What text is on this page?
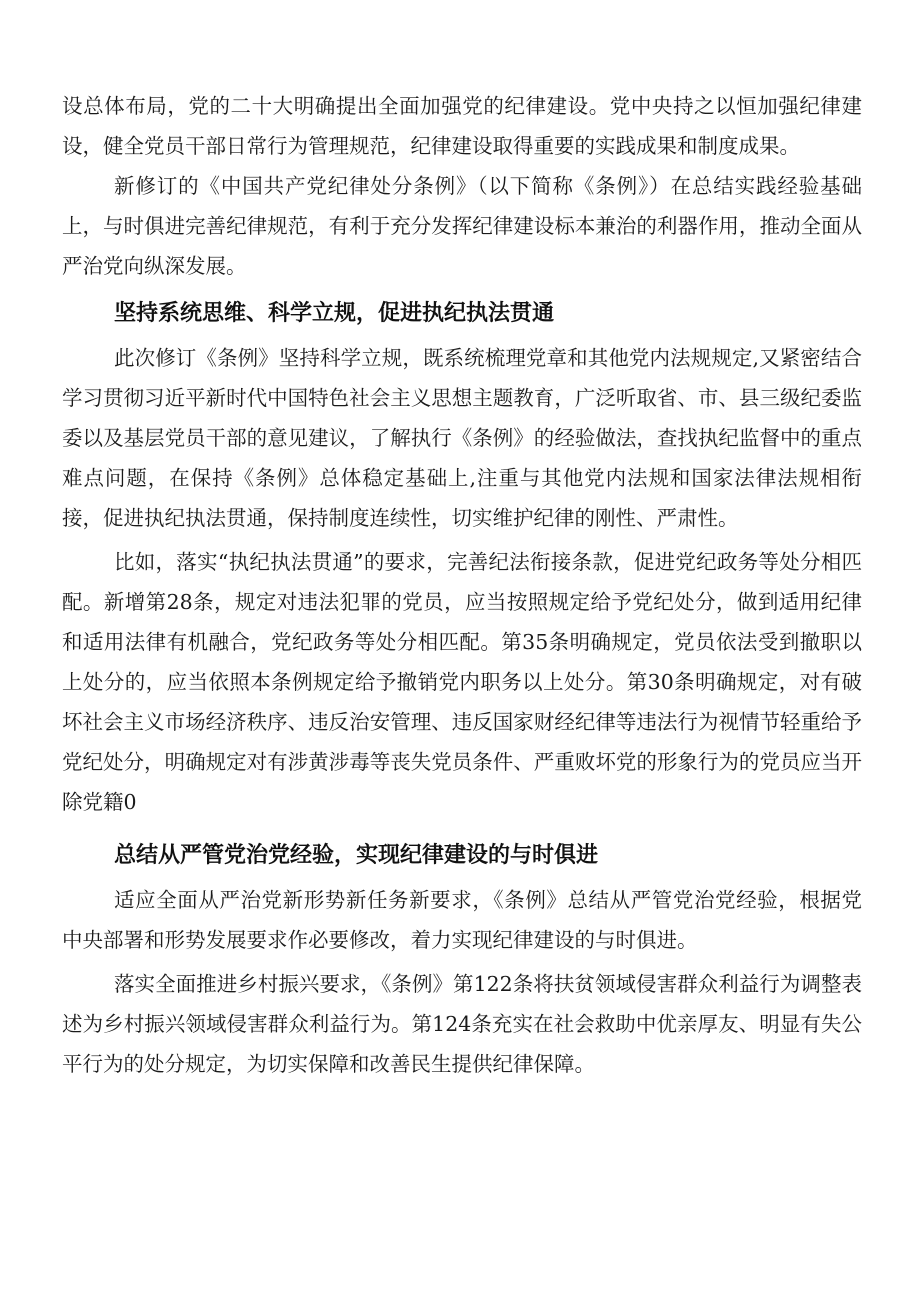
设总体布局，党的二十大明确提出全面加强党的纪律建设。党中央持之以恒加强纪律建设，健全党员干部日常行为管理规范，纪律建设取得重要的实践成果和制度成果。

新修订的《中国共产党纪律处分条例》（以下简称《条例》）在总结实践经验基础上，与时俱进完善纪律规范，有利于充分发挥纪律建设标本兼治的利器作用，推动全面从严治党向纵深发展。

坚持系统思维、科学立规，促进执纪执法贯通

此次修订《条例》坚持科学立规，既系统梳理党章和其他党内法规规定,又紧密结合学习贯彻习近平新时代中国特色社会主义思想主题教育，广泛听取省、市、县三级纪委监委以及基层党员干部的意见建议，了解执行《条例》的经验做法，查找执纪监督中的重点难点问题，在保持《条例》总体稳定基础上,注重与其他党内法规和国家法律法规相衔接，促进执纪执法贯通，保持制度连续性，切实维护纪律的刚性、严肃性。

比如，落实“执纪执法贯通”的要求，完善纪法衔接条款，促进党纪政务等处分相匹配。新增第28条，规定对违法犯罪的党员，应当按照规定给予党纪处分，做到适用纪律和适用法律有机融合，党纪政务等处分相匹配。第35条明确规定，党员依法受到撤职以上处分的，应当依照本条例规定给予撤销党内职务以上处分。第30条明确规定，对有破坏社会主义市场经济秩序、违反治安管理、违反国家财经纪律等违法行为视情节轻重给予党纪处分，明确规定对有涉黄涉毒等丧失党员条件、严重败坏党的形象行为的党员应当开除党籍0

总结从严管党治党经验，实现纪律建设的与时俱进

适应全面从严治党新形势新任务新要求，《条例》总结从严管党治党经验，根据党中央部署和形势发展要求作必要修改，着力实现纪律建设的与时俱进。

落实全面推进乡村振兴要求，《条例》第122条将扶贫领域侵害群众利益行为调整表述为乡村振兴领域侵害群众利益行为。第124条充实在社会救助中优亲厚友、明显有失公平行为的处分规定，为切实保障和改善民生提供纪律保障。
